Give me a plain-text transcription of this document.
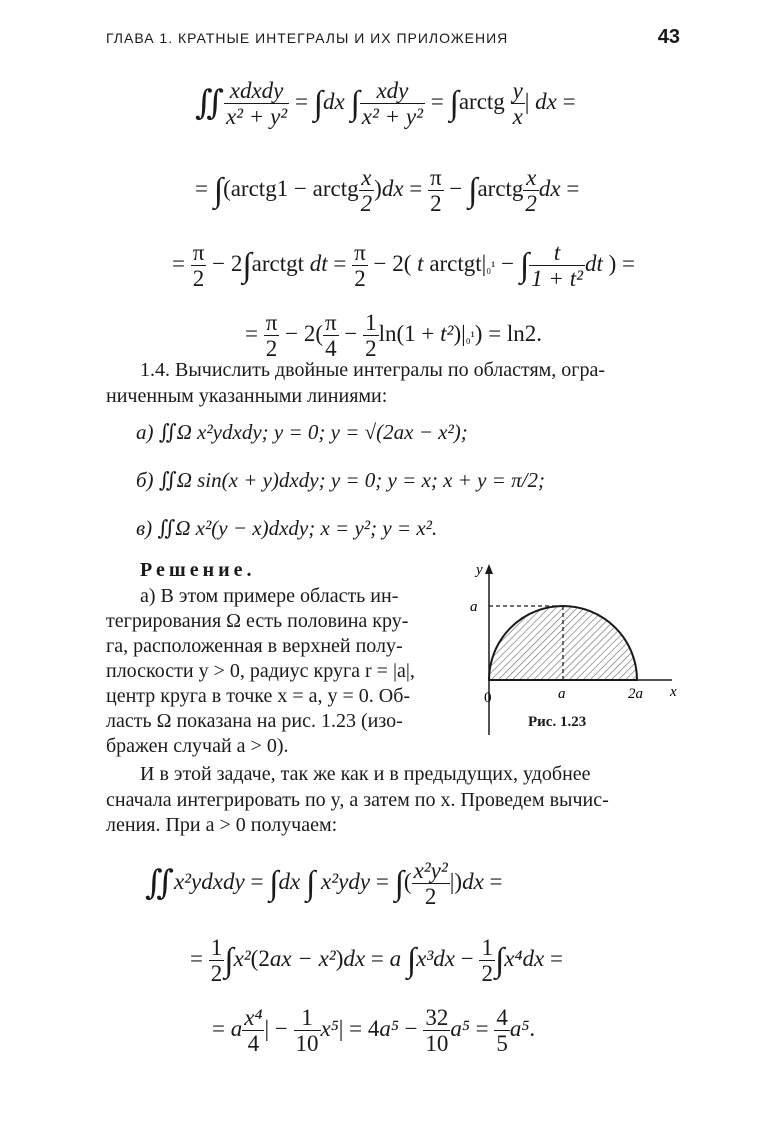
ГЛАВА 1. КРАТНЫЕ ИНТЕГРАЛЫ И ИХ ПРИЛОЖЕНИЯ	43
∬ $\frac{\text{xdxdy}}{\text{x² + y²}} = \int dx$ ∫ $\frac{\text{xdy}}{\text{x² + y²}}$ = ∫arctg $\frac{y}{x}$ | dx =
= ∫(arctg1 − arctg $\frac{x}{2} )dx = \frac{\pi}{2}$ − ∫arctg $\frac{x}{2}$ dx =
= $\frac{\pi}{2}$ − 2∫arctgt dt = $\frac{\pi}{2} - 2$( t arctgt|₀¹ − ∫ $\frac{t}{\text{1 + t²}}$ dt ) =
= $\frac{\pi}{2} - 2( \frac{\pi}{4} - \frac{1}{2} \ln(1 + t^2)|_0^1) = \ln 2$.
1.4. Вычислить двойные интегралы по областям, огра-
ниченным указанными линиями:
а) ∬Ω x²ydxdy; y = 0; y = √(2ax − x²);
б) ∬Ω sin(x + y)dxdy; y = 0; y = x; x + y = π/2;
в) ∬Ω x²(y − x)dxdy; x = y²; y = x².
Решение.
а) В этом примере область ин-
тегрирования Ω есть половина кру-
га, расположенная в верхней полу-
плоскости y > 0, радиус круга r = |a|,
центр круга в точке x = a, y = 0. Об-
ласть Ω показана на рис. 1.23 (изо-
бражен случай a > 0).
И в этой задаче, так же как и в предыдущих, удобнее
сначала интегрировать по y, а затем по x. Проведем вычис-
ления. При a > 0 получаем:
∬x²ydxdy = ∫dx ∫ x²ydy = ∫( $\frac{\text{x²y²}}{2} |)dx$ =
= $\frac{1}{2} \int x^2(2ax - x^2)dx = a$ $\int x^3dx - \frac{1}{2} \int x^4dx$ =
= a $\frac{\text{x⁴}}{4}$ | − $\frac{1}{10} x^5| = 4a^5 - \frac{32}{10} a^5 = \frac{4}{5} a^5$.
y
a
0	a	2a x
Рис. 1.23
